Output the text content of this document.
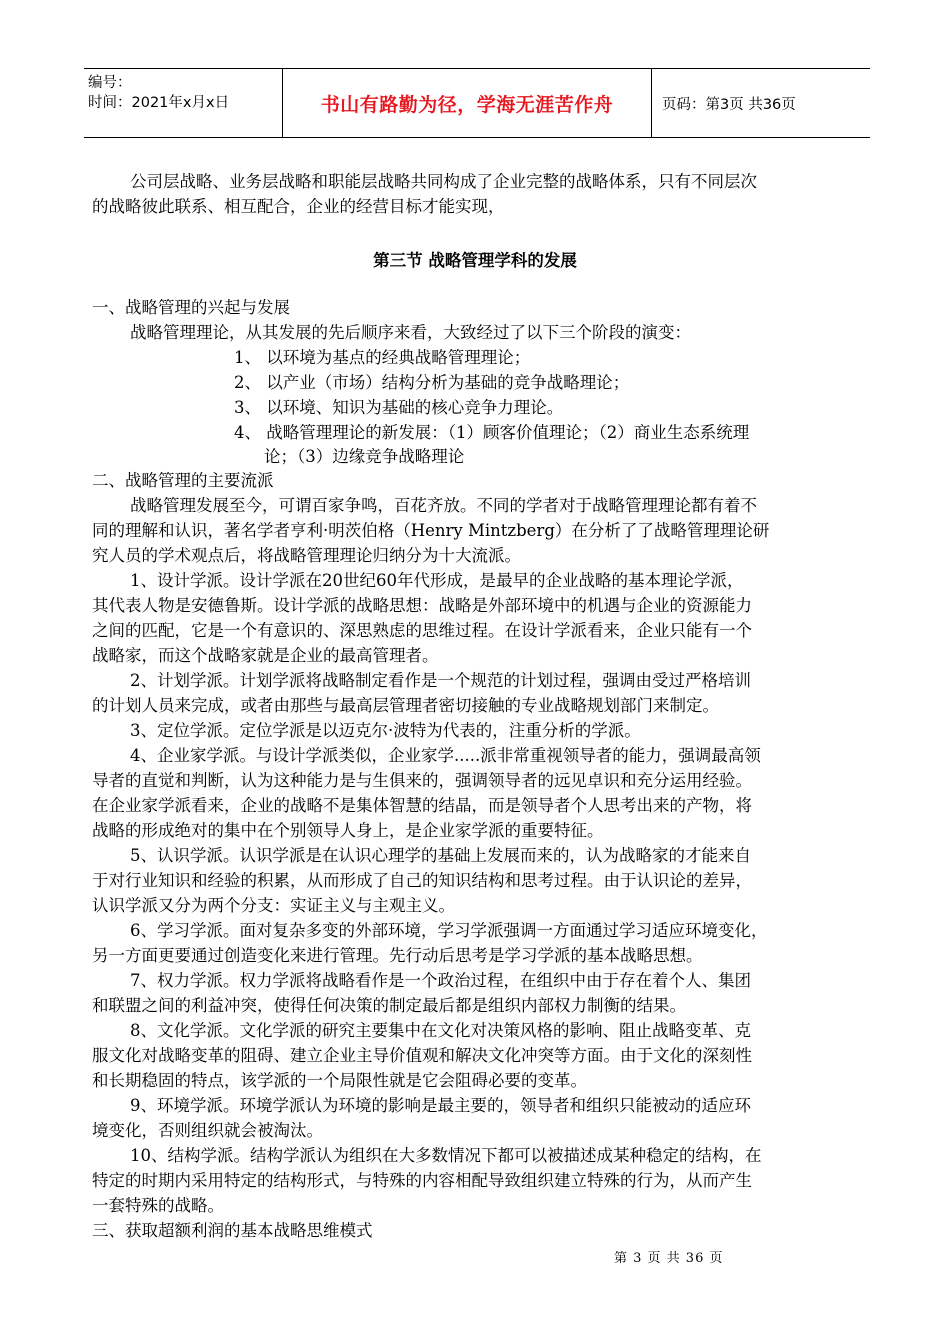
编号：
时间：2021年x月x日	书山有路勤为径，学海无涯苦作舟	页码：第3页 共36页
公司层战略、业务层战略和职能层战略共同构成了企业完整的战略体系，只有不同层次
的战略彼此联系、相互配合，企业的经营目标才能实现，
第三节 战略管理学科的发展
一、战略管理的兴起与发展
战略管理理论，从其发展的先后顺序来看，大致经过了以下三个阶段的演变：
1、 以环境为基点的经典战略管理理论；
2、 以产业（市场）结构分析为基础的竞争战略理论；
3、 以环境、知识为基础的核心竞争力理论。
4、 战略管理理论的新发展：（1）顾客价值理论；（2）商业生态系统理
论；（3）边缘竞争战略理论
二、战略管理的主要流派
战略管理发展至今，可谓百家争鸣，百花齐放。不同的学者对于战略管理理论都有着不
同的理解和认识，著名学者亨利·明茨伯格（Henry Mintzberg）在分析了了战略管理理论研
究人员的学术观点后，将战略管理理论归纳分为十大流派。
1、设计学派。设计学派在20世纪60年代形成，是最早的企业战略的基本理论学派，
其代表人物是安德鲁斯。设计学派的战略思想：战略是外部环境中的机遇与企业的资源能力
之间的匹配，它是一个有意识的、深思熟虑的思维过程。在设计学派看来，企业只能有一个
战略家，而这个战略家就是企业的最高管理者。
2、计划学派。计划学派将战略制定看作是一个规范的计划过程，强调由受过严格培训
的计划人员来完成，或者由那些与最高层管理者密切接触的专业战略规划部门来制定。
3、定位学派。定位学派是以迈克尔·波特为代表的，注重分析的学派。
4、企业家学派。与设计学派类似，企业家学.....派非常重视领导者的能力，强调最高领
导者的直觉和判断，认为这种能力是与生俱来的，强调领导者的远见卓识和充分运用经验。
在企业家学派看来，企业的战略不是集体智慧的结晶，而是领导者个人思考出来的产物，将
战略的形成绝对的集中在个别领导人身上，是企业家学派的重要特征。
5、认识学派。认识学派是在认识心理学的基础上发展而来的，认为战略家的才能来自
于对行业知识和经验的积累，从而形成了自己的知识结构和思考过程。由于认识论的差异，
认识学派又分为两个分支：实证主义与主观主义。
6、学习学派。面对复杂多变的外部环境，学习学派强调一方面通过学习适应环境变化，
另一方面更要通过创造变化来进行管理。先行动后思考是学习学派的基本战略思想。
7、权力学派。权力学派将战略看作是一个政治过程，在组织中由于存在着个人、集团
和联盟之间的利益冲突，使得任何决策的制定最后都是组织内部权力制衡的结果。
8、文化学派。文化学派的研究主要集中在文化对决策风格的影响、阻止战略变革、克
服文化对战略变革的阻碍、建立企业主导价值观和解决文化冲突等方面。由于文化的深刻性
和长期稳固的特点，该学派的一个局限性就是它会阻碍必要的变革。
9、环境学派。环境学派认为环境的影响是最主要的，领导者和组织只能被动的适应环
境变化，否则组织就会被淘汰。
10、结构学派。结构学派认为组织在大多数情况下都可以被描述成某种稳定的结构，在
特定的时期内采用特定的结构形式，与特殊的内容相配导致组织建立特殊的行为，从而产生
一套特殊的战略。
三、获取超额利润的基本战略思维模式
第 3 页 共 36 页
